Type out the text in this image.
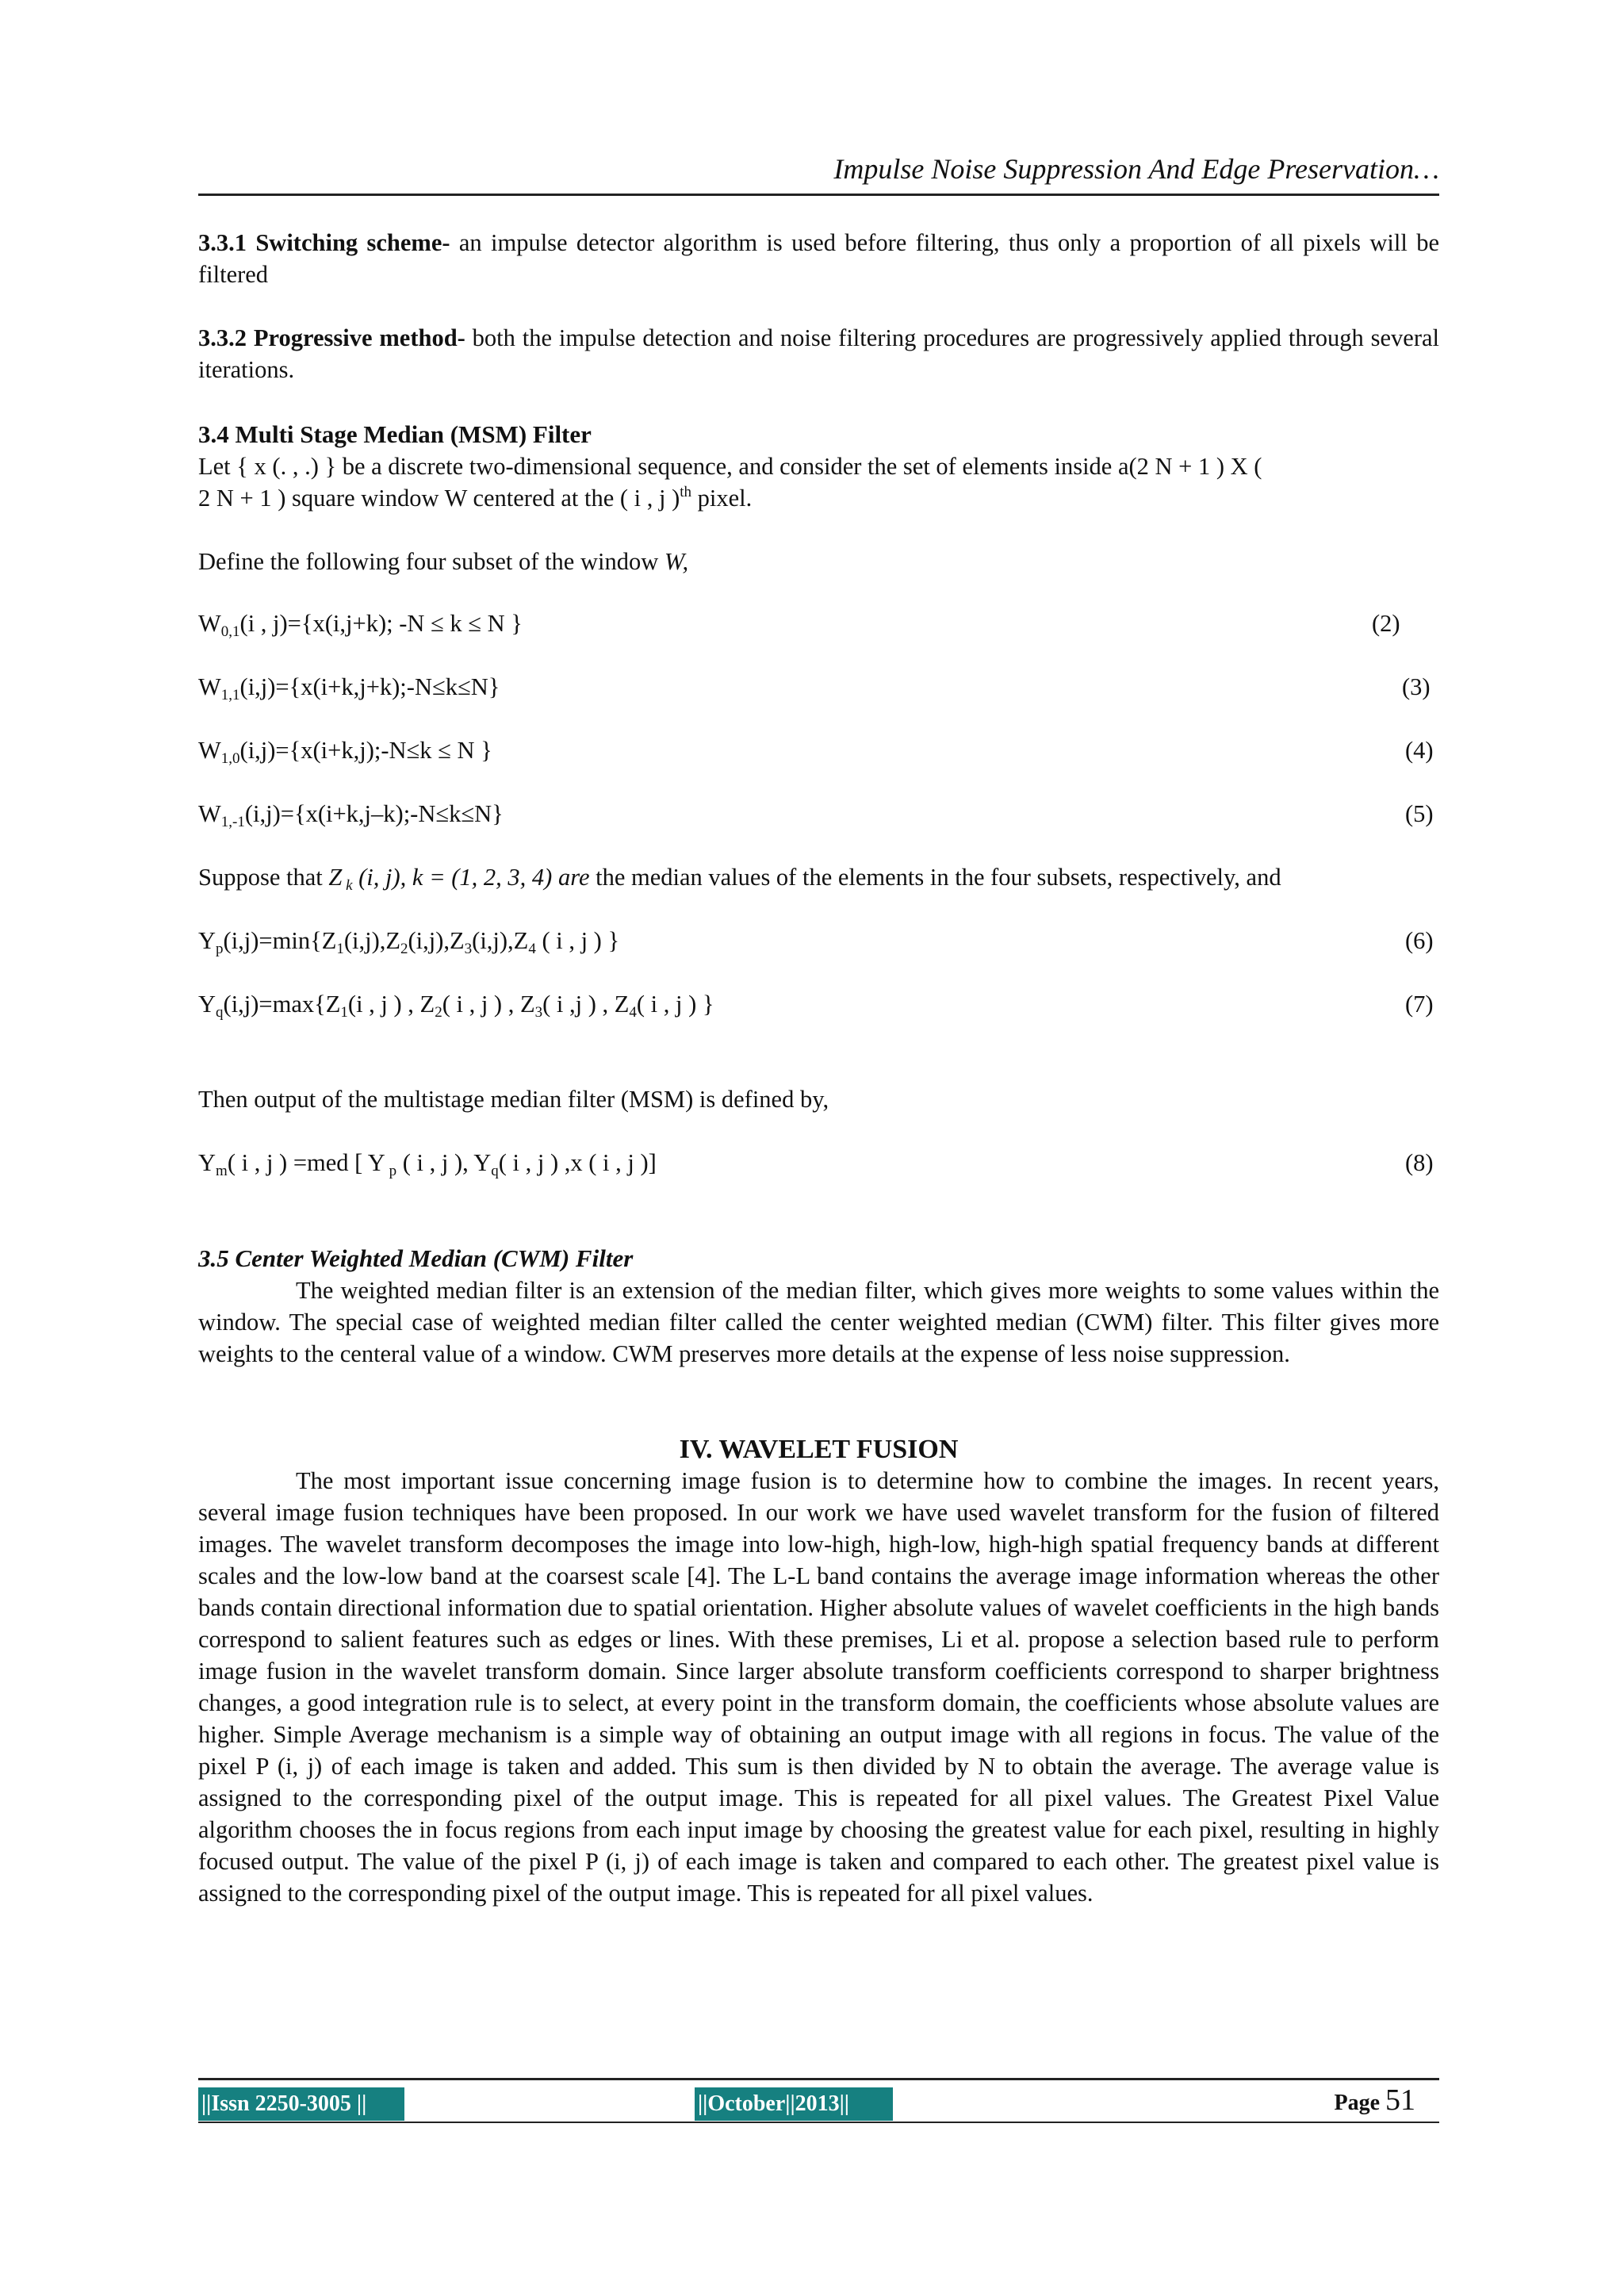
Impulse Noise Suppression And Edge Preservation…
3.3.1 Switching scheme- an impulse detector algorithm is used before filtering, thus only a proportion of all pixels will be filtered
3.3.2 Progressive method- both the impulse detection and noise filtering procedures are progressively applied through several iterations.
3.4 Multi Stage Median (MSM) Filter
Let { x (. , .) } be a discrete two-dimensional sequence, and consider the set of elements inside a(2 N + 1 ) X (
2 N + 1 ) square window W centered at the ( i , j )$^{th}$ pixel.
Define the following four subset of the window W,
$W_{0,1}(i$ , j)={x(i,j+k); -N ≤ k ≤ N }	(2)
$W_{1,1}(i,j)=\{x(i+k,j+k);-N\le k\le N\}$	(3)
$W_{1,0}(i,j)=\{x(i+k,j);-N\le k \le N$ }	(4)
$W_{1,-1}(i,j)=\{x(i+k,j-k);-N\le k\le N\}$	(5)
Suppose that Z $_k$ (i, j), k = (1, 2, 3, 4) are the median values of the elements in the four subsets, respectively, and
$Y_p(i,j)=\min\{Z_1(i,j),Z_2(i,j),Z_3(i,j),Z_4$ ( i , j ) }	(6)
$Y_q(i,j)=\max\{Z_1(i$ , j ) , $Z_2$( i , j ) , $Z_3$( i ,j ) , $Z_4$( i , j ) }	(7)
Then output of the multistage median filter (MSM) is defined by,
$Y_m$( i , j ) =med [ Y $_p$ ( i , j ), $Y_q$( i , j ) ,x ( i , j )]	(8)
3.5 Center Weighted Median (CWM) Filter
The weighted median filter is an extension of the median filter, which gives more weights to some values within the window. The special case of weighted median filter called the center weighted median (CWM) filter. This filter gives more weights to the centeral value of a window. CWM preserves more details at the expense of less noise suppression.
IV. WAVELET FUSION
The most important issue concerning image fusion is to determine how to combine the images. In recent years, several image fusion techniques have been proposed. In our work we have used wavelet transform for the fusion of filtered images. The wavelet transform decomposes the image into low-high, high-low, high-high spatial frequency bands at different scales and the low-low band at the coarsest scale [4]. The L-L band contains the average image information whereas the other bands contain directional information due to spatial orientation. Higher absolute values of wavelet coefficients in the high bands correspond to salient features such as edges or lines. With these premises, Li et al. propose a selection based rule to perform image fusion in the wavelet transform domain. Since larger absolute transform coefficients correspond to sharper brightness changes, a good integration rule is to select, at every point in the transform domain, the coefficients whose absolute values are higher. Simple Average mechanism is a simple way of obtaining an output image with all regions in focus. The value of the pixel P (i, j) of each image is taken and added. This sum is then divided by N to obtain the average. The average value is assigned to the corresponding pixel of the output image. This is repeated for all pixel values. The Greatest Pixel Value algorithm chooses the in focus regions from each input image by choosing the greatest value for each pixel, resulting in highly focused output. The value of the pixel P (i, j) of each image is taken and compared to each other. The greatest pixel value is assigned to the corresponding pixel of the output image. This is repeated for all pixel values.
||Issn 2250-3005 ||	||October||2013||	Page 51
